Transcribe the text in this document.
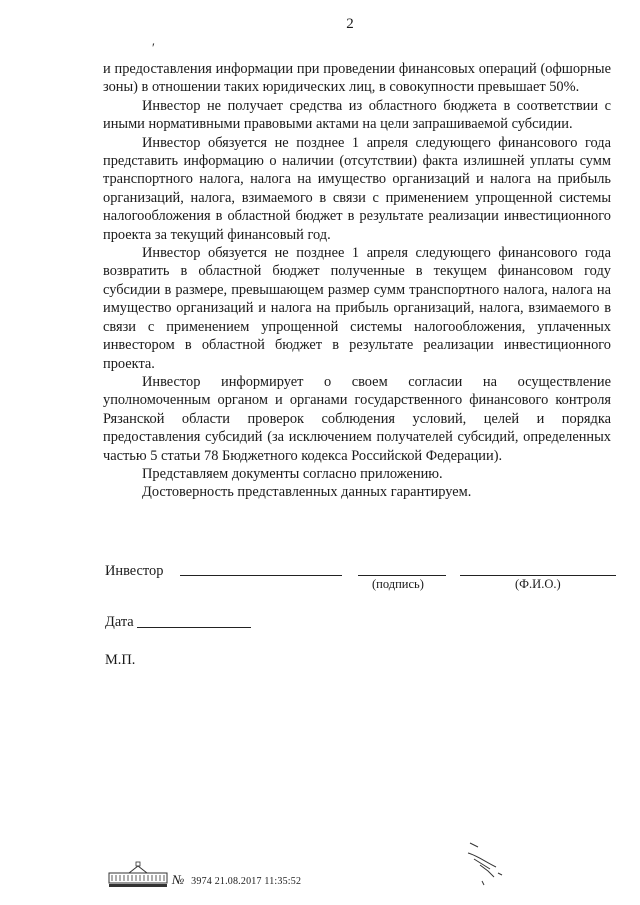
2
′

и предоставления информации при проведении финансовых операций (офшорные зоны) в отношении таких юридических лиц, в совокупности превышает 50%.

Инвестор не получает средства из областного бюджета в соответствии с иными нормативными правовыми актами на цели запрашиваемой субсидии.

Инвестор обязуется не позднее 1 апреля следующего финансового года представить информацию о наличии (отсутствии) факта излишней уплаты сумм транспортного налога, налога на имущество организаций и налога на прибыль организаций, налога, взимаемого в связи с применением упрощенной системы налогообложения в областной бюджет в результате реализации инвестиционного проекта за текущий финансовый год.

Инвестор обязуется не позднее 1 апреля следующего финансового года возвратить в областной бюджет полученные в текущем финансовом году субсидии в размере, превышающем размер сумм транспортного налога, налога на имущество организаций и налога на прибыль организаций, налога, взимаемого в связи с применением упрощенной системы налогообложения, уплаченных инвестором в областной бюджет в результате реализации инвестиционного проекта.

Инвестор информирует о своем согласии на осуществление уполномоченным органом и органами государственного финансового контроля Рязанской области проверок соблюдения условий, целей и порядка предоставления субсидий (за исключением получателей субсидий, определенных частью 5 статьи 78 Бюджетного кодекса Российской Федерации).

Представляем документы согласно приложению.

Достоверность представленных данных гарантируем.

Инвестор
(подпись)	(Ф.И.О.)
Дата
М.П.
№ 3974 21.08.2017 11:35:52
